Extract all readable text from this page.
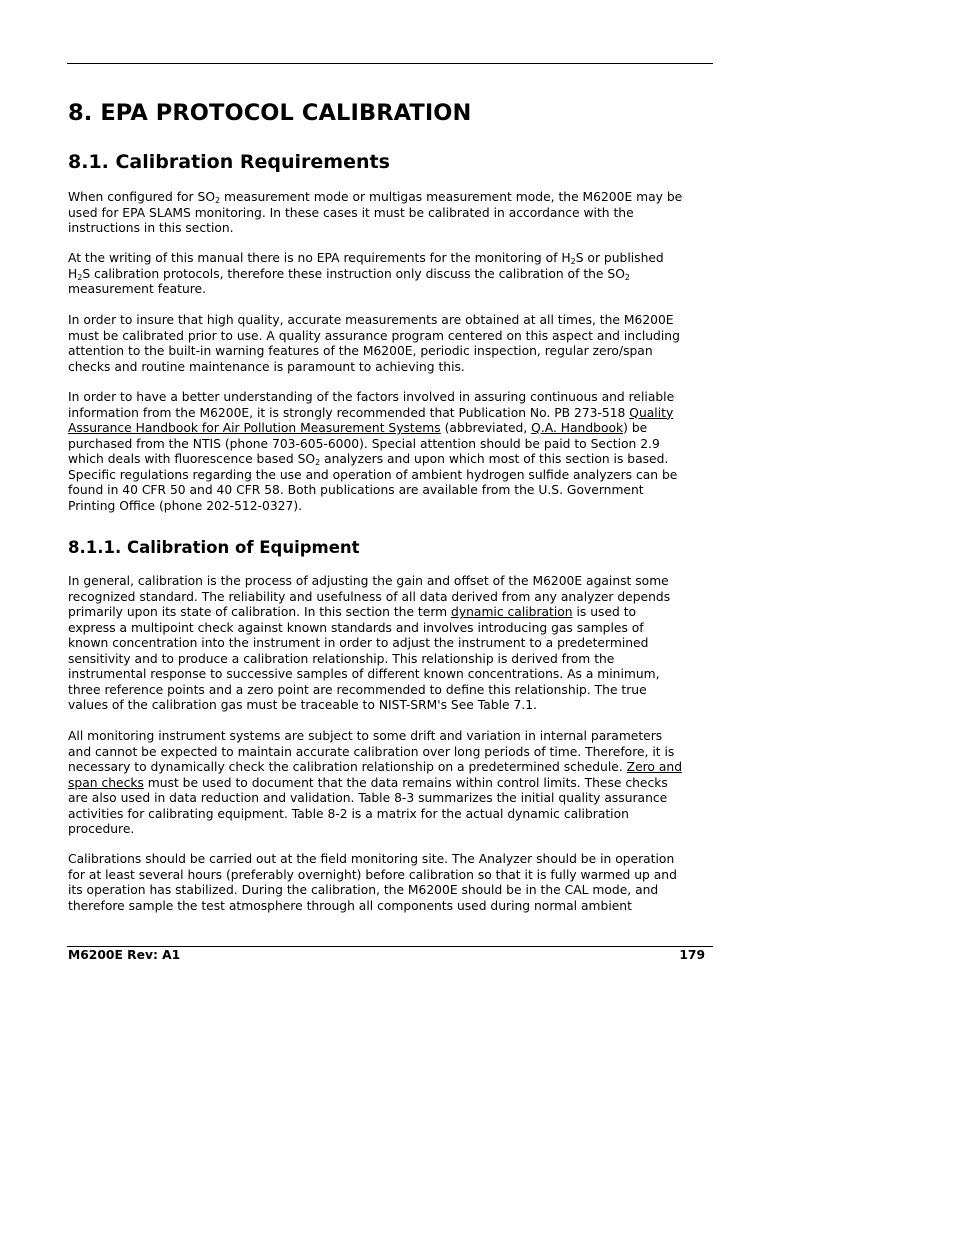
8. EPA PROTOCOL CALIBRATION
8.1. Calibration Requirements

When configured for $SO_2$ measurement mode or multigas measurement mode, the M6200E may be
used for EPA SLAMS monitoring. In these cases it must be calibrated in accordance with the
instructions in this section.

At the writing of this manual there is no EPA requirements for the monitoring of $H_2S$ or published
$H_2S$ calibration protocols, therefore these instruction only discuss the calibration of the $SO_2$
measurement feature.

In order to insure that high quality, accurate measurements are obtained at all times, the M6200E
must be calibrated prior to use. A quality assurance program centered on this aspect and including
attention to the built-in warning features of the M6200E, periodic inspection, regular zero/span
checks and routine maintenance is paramount to achieving this.

In order to have a better understanding of the factors involved in assuring continuous and reliable
information from the M6200E, it is strongly recommended that Publication No. PB 273-518 Quality
Assurance Handbook for Air Pollution Measurement Systems (abbreviated, Q.A. Handbook) be
purchased from the NTIS (phone 703-605-6000). Special attention should be paid to Section 2.9
which deals with fluorescence based $SO_2$ analyzers and upon which most of this section is based.
Specific regulations regarding the use and operation of ambient hydrogen sulfide analyzers can be
found in 40 CFR 50 and 40 CFR 58. Both publications are available from the U.S. Government
Printing Office (phone 202-512-0327).

8.1.1. Calibration of Equipment

In general, calibration is the process of adjusting the gain and offset of the M6200E against some
recognized standard. The reliability and usefulness of all data derived from any analyzer depends
primarily upon its state of calibration. In this section the term dynamic calibration is used to
express a multipoint check against known standards and involves introducing gas samples of
known concentration into the instrument in order to adjust the instrument to a predetermined
sensitivity and to produce a calibration relationship. This relationship is derived from the
instrumental response to successive samples of different known concentrations. As a minimum,
three reference points and a zero point are recommended to define this relationship. The true
values of the calibration gas must be traceable to NIST-SRM's See Table 7.1.

All monitoring instrument systems are subject to some drift and variation in internal parameters
and cannot be expected to maintain accurate calibration over long periods of time. Therefore, it is
necessary to dynamically check the calibration relationship on a predetermined schedule. Zero and
span checks must be used to document that the data remains within control limits. These checks
are also used in data reduction and validation. Table 8-3 summarizes the initial quality assurance
activities for calibrating equipment. Table 8-2 is a matrix for the actual dynamic calibration
procedure.

Calibrations should be carried out at the field monitoring site. The Analyzer should be in operation
for at least several hours (preferably overnight) before calibration so that it is fully warmed up and
its operation has stabilized. During the calibration, the M6200E should be in the CAL mode, and
therefore sample the test atmosphere through all components used during normal ambient

M6200E Rev: A1	179
